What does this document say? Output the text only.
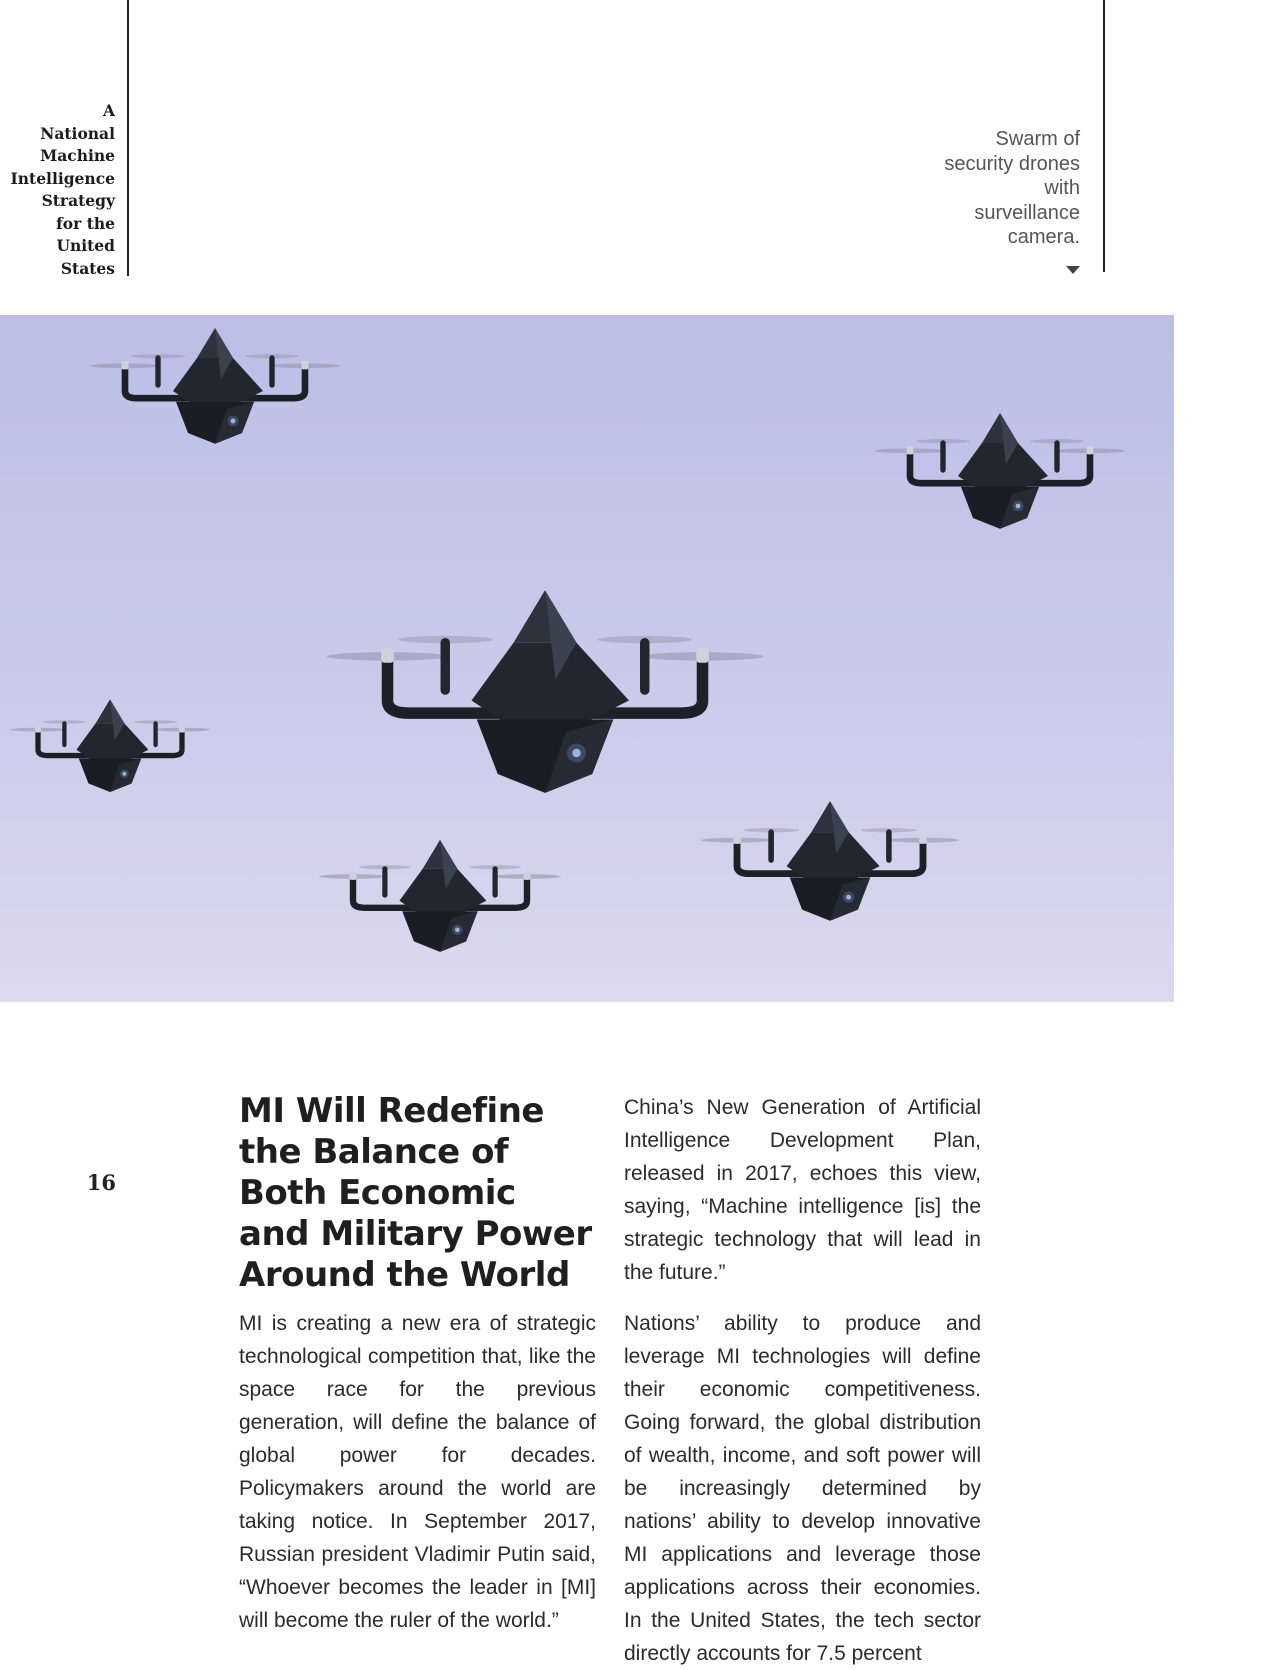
A
National
Machine
Intelligence
Strategy
for the
United
States
Swarm of security drones with surveillance camera.
16
MI Will Redefine
the Balance of
Both Economic
and Military Power
Around the World

MI is creating a new era of strategic technological competition that, like the space race for the previous generation, will define the balance of global power for decades. Policymakers around the world are taking notice. In September 2017, Russian president Vladimir Putin said, “Whoever becomes the leader in [MI] will become the ruler of the world.”

China’s New Generation of Artificial Intelligence Development Plan, released in 2017, echoes this view, saying, “Machine intelligence [is] the strategic technology that will lead in the future.”

Nations’ ability to produce and leverage MI technologies will define their economic competitiveness. Going forward, the global distribution of wealth, income, and soft power will be increasingly determined by nations’ ability to develop innovative MI applications and leverage those applications across their economies. In the United States, the tech sector directly accounts for 7.5 percent
